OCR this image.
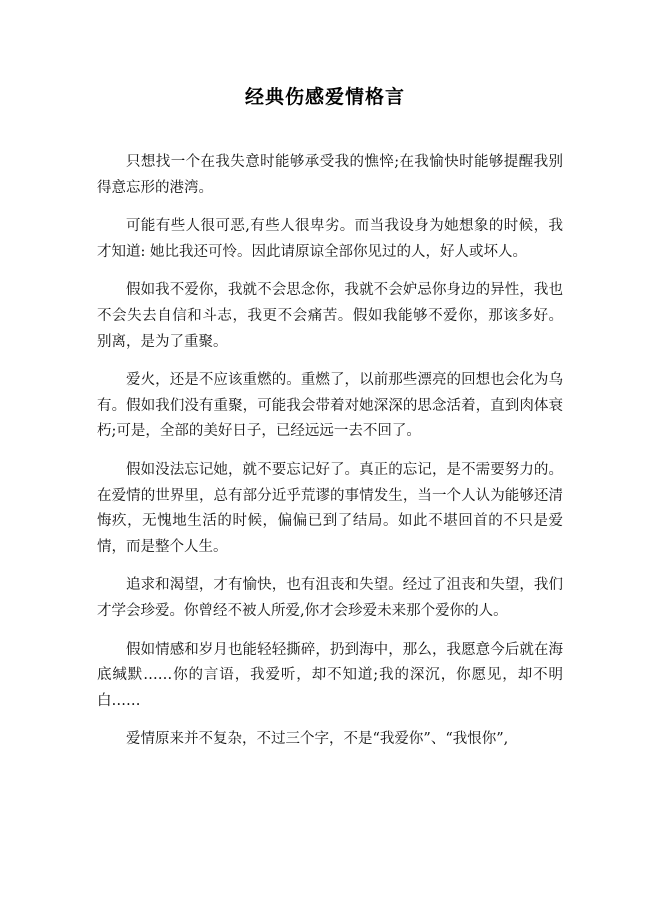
经典伤感爱情格言

只想找一个在我失意时能够承受我的憔悴;在我愉快时能够提醒我别得意忘形的港湾。

可能有些人很可恶,有些人很卑劣。而当我设身为她想象的时候，我才知道: 她比我还可怜。因此请原谅全部你见过的人，好人或坏人。

假如我不爱你，我就不会思念你，我就不会妒忌你身边的异性，我也不会失去自信和斗志，我更不会痛苦。假如我能够不爱你，那该多好。 别离，是为了重聚。

爱火，还是不应该重燃的。重燃了，以前那些漂亮的回想也会化为乌有。假如我们没有重聚，可能我会带着对她深深的思念活着，直到肉体衰朽;可是，全部的美好日子，已经远远一去不回了。

假如没法忘记她，就不要忘记好了。真正的忘记，是不需要努力的。在爱情的世界里，总有部分近乎荒谬的事情发生，当一个人认为能够还清悔疚，无愧地生活的时候，偏偏已到了结局。如此不堪回首的不只是爱情，而是整个人生。

追求和渴望，才有愉快，也有沮丧和失望。经过了沮丧和失望，我们才学会珍爱。你曾经不被人所爱,你才会珍爱未来那个爱你的人。

假如情感和岁月也能轻轻撕碎，扔到海中，那么，我愿意今后就在海底缄默……你的言语，我爱听，却不知道;我的深沉，你愿见，却不明白……

爱情原来并不复杂，不过三个字，不是“我爱你”、“我恨你”,
